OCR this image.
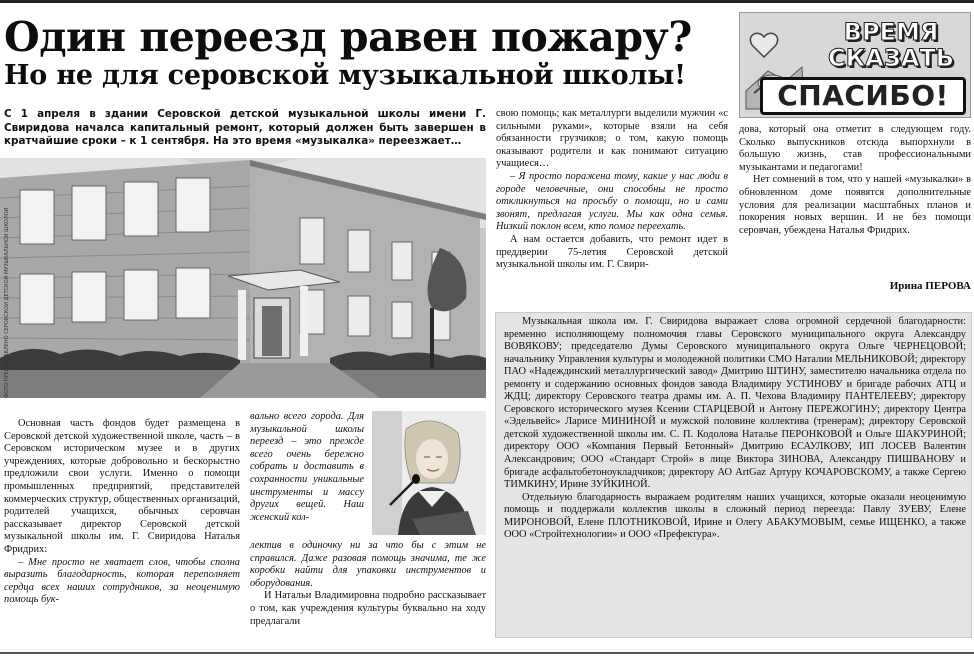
Один переезд равен пожару?
Но не для серовской музыкальной школы!
ВРЕМЯ
СКАЗАТЬ
СПАСИБО!
С 1 апреля в здании Серовской детской музыкальной школы имени Г. Свиридова началса капитальный ремонт, который должен быть завершен в кратчайшие сроки – к 1 сентября. На это время «музыкалка» переезжает…
ФОТО ПРЕДОСТАВЛЕНО СЕРОВСКОЙ ДЕТСКОЙ МУЗЫКАЛЬНОЙ ШКОЛОЙ

Основная часть фондов будет размещена в Серовской детской художественной школе, часть – в Серовском историческом музее и в других учреждениях, которые добровольно и бескорыстно предложили свои услуги. Именно о помощи промышленных предприятий, представителей коммерческих структур, общественных организаций, родителей учащихся, обычных серовчан рассказывает директор Серовской детской музыкальной школы им. Г. Свиридова Наталья Фридрих:

– Мне просто не хватает слов, чтобы сполна выразить благодарность, которая переполняет сердца всех наших сотрудников, за неоценимую помощь бук-

вально всего города. Для музыкальной школы переезд – это прежде всего очень бережно собрать и доставить в сохранности уникальные инструменты и массу других вещей. Наш женский кол-

лектив в одиночку ни за что бы с этим не справился. Даже разовая помощь значима, те же коробки найти для упаковки инструментов и оборудования.

И Натальи Владимировна подробно рассказывает о том, как учреждения культуры буквально на ходу предлагали

свою помощь; как металлурги выделили мужчин «с сильными руками», которые взяли на себя обязанности грузчиков; о том, какую помощь оказывают родители и как понимают ситуацию учащиеся…

– Я просто поражена тому, какие у нас люди в городе человечные, они способны не просто откликнуться на просьбу о помощи, но и сами звонят, предлагая услуги. Мы как одна семья. Низкий поклон всем, кто помог переехать.

А нам остается добавить, что ремонт идет в преддверии 75-летия Серовской детской музыкальной школы им. Г. Свири-

дова, который она отметит в следующем году. Сколько выпускников отсюда выпорхнули в большую жизнь, став профессиональными музыкантами и педагогами!

Нет сомнений в том, что у нашей «музыкалки» в обновленном доме появятся дополнительные условия для реализации масштабных планов и покорения новых вершин. И не без помощи серовчан, убеждена Наталья Фридрих.

Ирина ПЕРОВА

Музыкальная школа им. Г. Свиридова выражает слова огромной сердечной благодарности: временно исполняющему полномочия главы Серовского муниципального округа Александру ВОВЯКОВУ; председателю Думы Серовского муниципального округа Ольге ЧЕРНЕЦОВОЙ; начальнику Управления культуры и молодежной политики СМО Наталии МЕЛЬНИКОВОЙ; директору ПАО «Надеждинский металлургический завод» Дмитрию ШТИНУ, заместителю начальника отдела по ремонту и содержанию основных фондов завода Владимиру УСТИНОВУ и бригаде рабочих АТЦ и ЖДЦ; директору Серовского театра драмы им. А. П. Чехова Владимиру ПАНТЕЛЕЕВУ; директору Серовского исторического музея Ксении СТАРЦЕВОЙ и Антону ПЕРЕЖОГИНУ; директору Центра «Эдельвейс» Ларисе МИНИНОЙ и мужской половине коллектива (тренерам); директору Серовской детской художественной школы им. С. П. Кодолова Наталье ПЕРОНКОВОЙ и Ольге ШАКУРИНОЙ; директору ООО «Компания Первый Бетонный» Дмитрию ЕСАУЛКОВУ, ИП ЛОСЕВ Валентин Александрович; ООО «Стандарт Строй» в лице Виктора ЗИНОВА, Александру ПИШВАНОВУ и бригаде асфальтобетоноукладчиков; директору АО ArtGaz Артуру КОЧАРОВСКОМУ, а также Сергею ТИМКИНУ, Ирине ЗУЙКИНОЙ.

Отдельную благодарность выражаем родителям наших учащихся, которые оказали неоценимую помощь и поддержали коллектив школы в сложный период переезда: Павлу ЗУЕВУ, Елене МИРОНОВОЙ, Елене ПЛОТНИКОВОЙ, Ирине и Олегу АБАКУМОВЫМ, семье ИЩЕНКО, а также ООО «Стройтехнологии» и ООО «Префектура».
